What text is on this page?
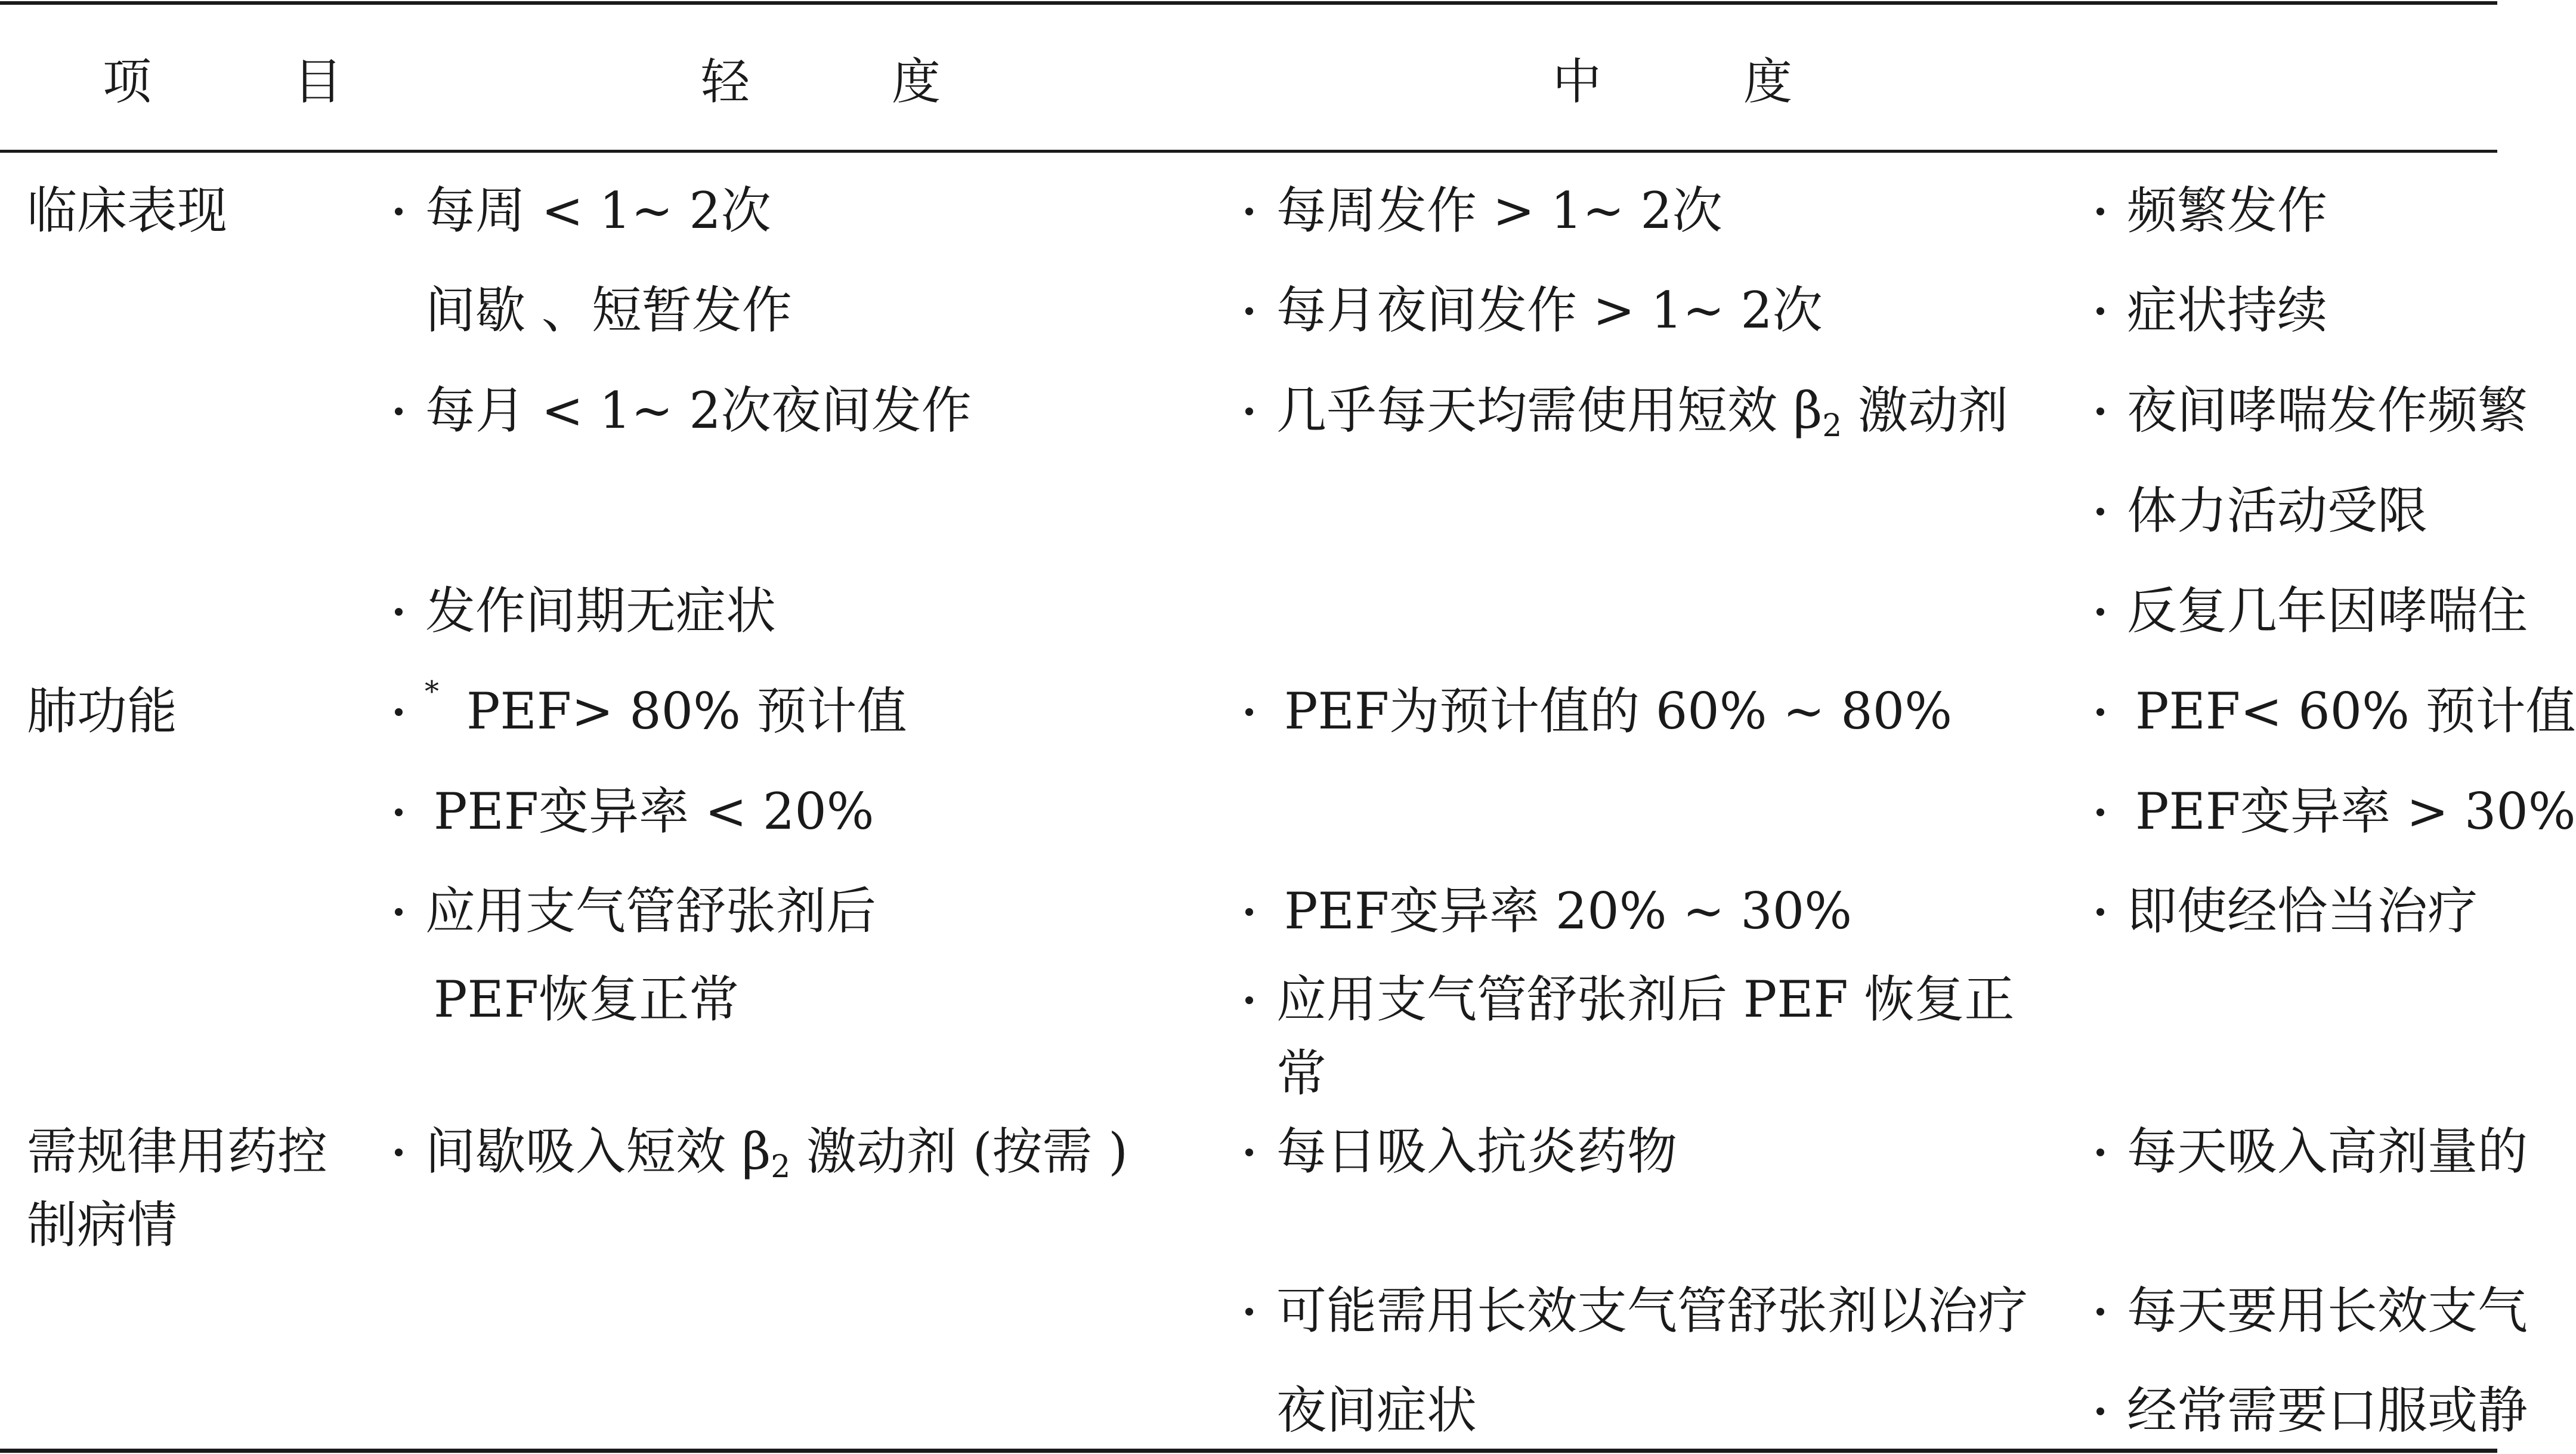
项　目	轻　度	中　度
临床表现
肺功能
需规律用药控
制病情
每周 < 1~ 2次
间歇 、短暂发作
每月 < 1~ 2次夜间发作
发作间期无症状
* PEF> 80% 预计值
PEF变异率 < 20%
应用支气管舒张剂后
PEF恢复正常
间歇吸入短效 $\beta_2$ 激动剂 (按需 )
每周发作 > 1~ 2次
每月夜间发作 > 1~ 2次
几乎每天均需使用短效 $\beta_2$ 激动剂
PEF为预计值的 60% ~ 80%
PEF变异率 20% ~ 30%
应用支气管舒张剂后 PEF 恢复正常
每日吸入抗炎药物
可能需用长效支气管舒张剂以治疗
夜间症状
频繁发作
症状持续
夜间哮喘发作频繁
体力活动受限
反复几年因哮喘住
PEF< 60% 预计值
PEF变异率 > 30%
即使经恰当治疗
每天吸入高剂量的
每天要用长效支气
经常需要口服或静
